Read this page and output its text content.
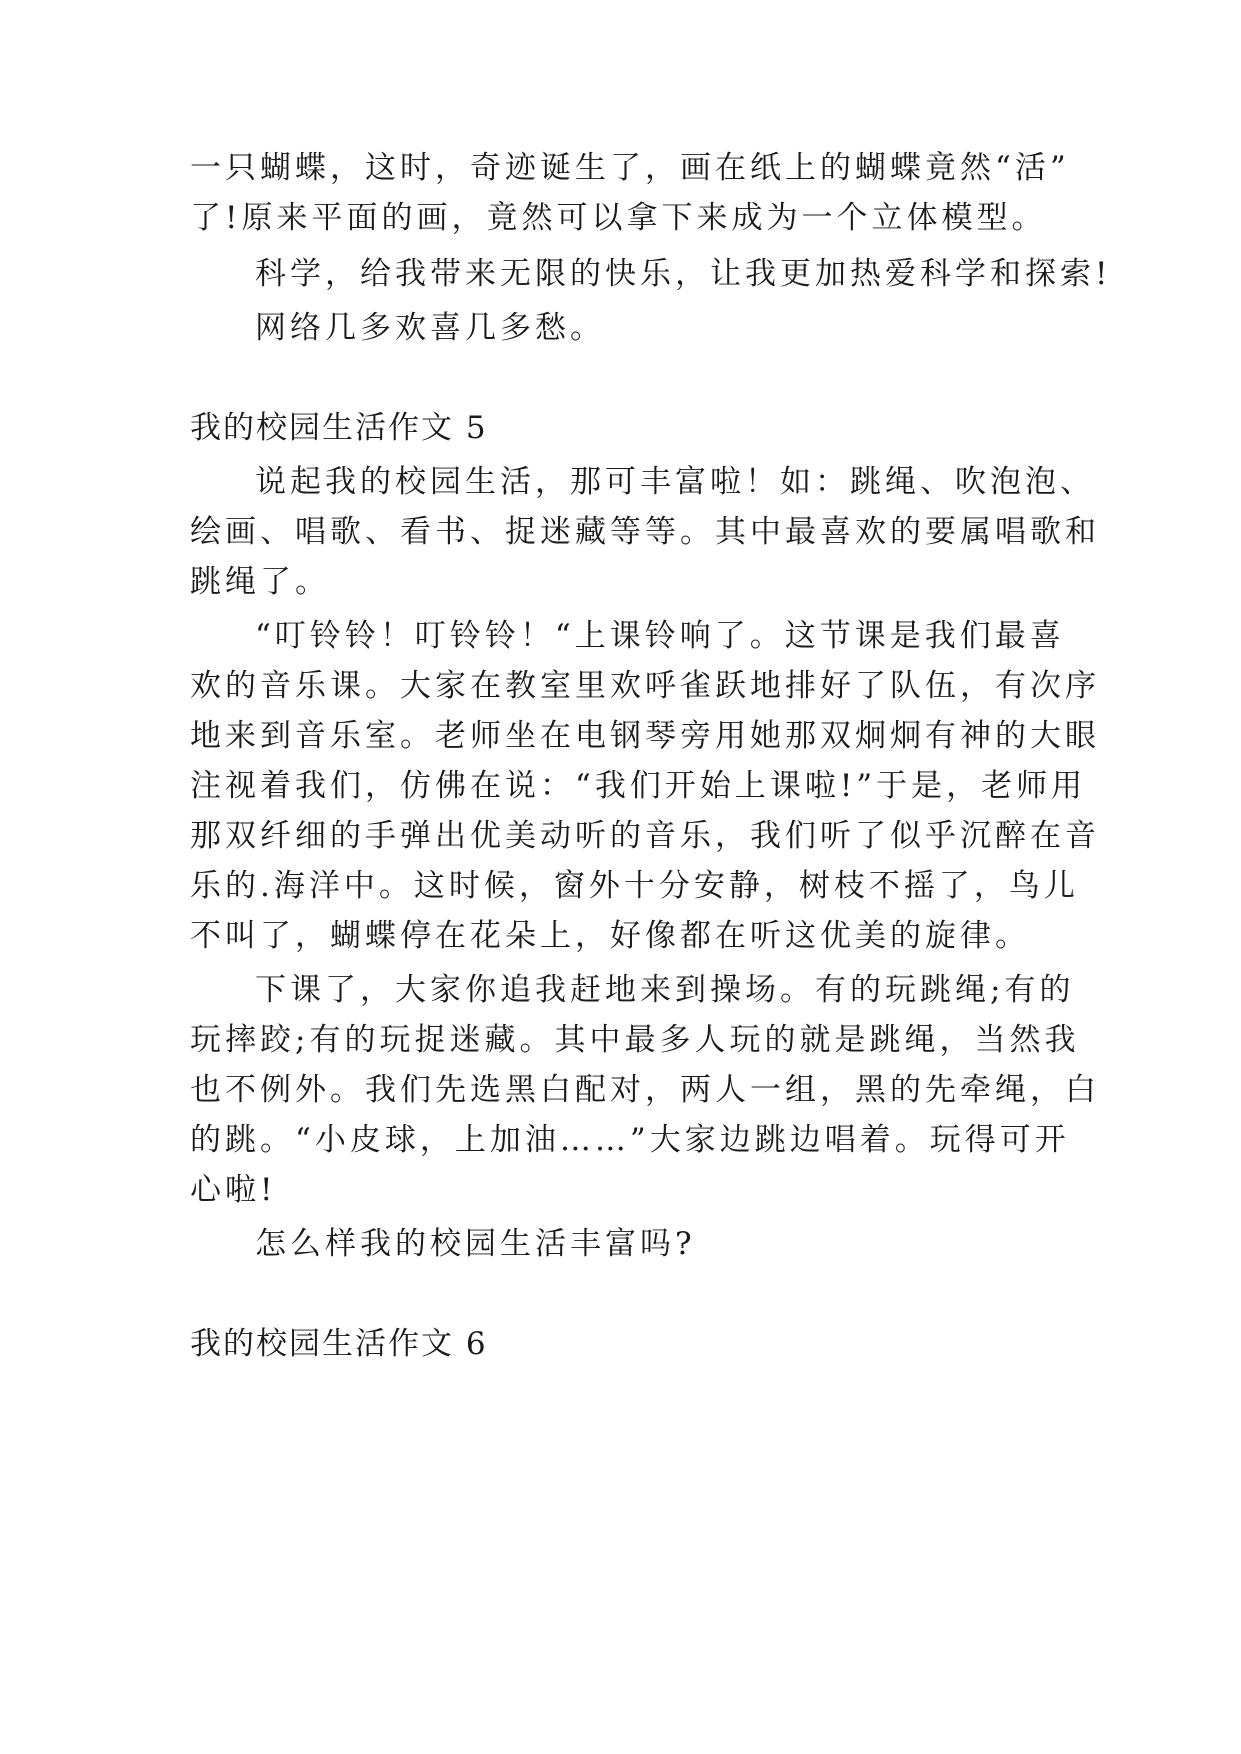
一只蝴蝶，这时，奇迹诞生了，画在纸上的蝴蝶竟然“活”
了!原来平面的画，竟然可以拿下来成为一个立体模型。
科学，给我带来无限的快乐，让我更加热爱科学和探索!
网络几多欢喜几多愁。
我的校园生活作文 5
说起我的校园生活，那可丰富啦！如：跳绳、吹泡泡、
绘画、唱歌、看书、捉迷藏等等。其中最喜欢的要属唱歌和
跳绳了。
“叮铃铃！叮铃铃！“上课铃响了。这节课是我们最喜
欢的音乐课。大家在教室里欢呼雀跃地排好了队伍，有次序
地来到音乐室。老师坐在电钢琴旁用她那双炯炯有神的大眼
注视着我们，仿佛在说：“我们开始上课啦!”于是，老师用
那双纤细的手弹出优美动听的音乐，我们听了似乎沉醉在音
乐的.海洋中。这时候，窗外十分安静，树枝不摇了，鸟儿
不叫了，蝴蝶停在花朵上，好像都在听这优美的旋律。
下课了，大家你追我赶地来到操场。有的玩跳绳;有的
玩摔跤;有的玩捉迷藏。其中最多人玩的就是跳绳，当然我
也不例外。我们先选黑白配对，两人一组，黑的先牵绳，白
的跳。“小皮球，上加油……”大家边跳边唱着。玩得可开
心啦!
怎么样我的校园生活丰富吗?
我的校园生活作文 6
